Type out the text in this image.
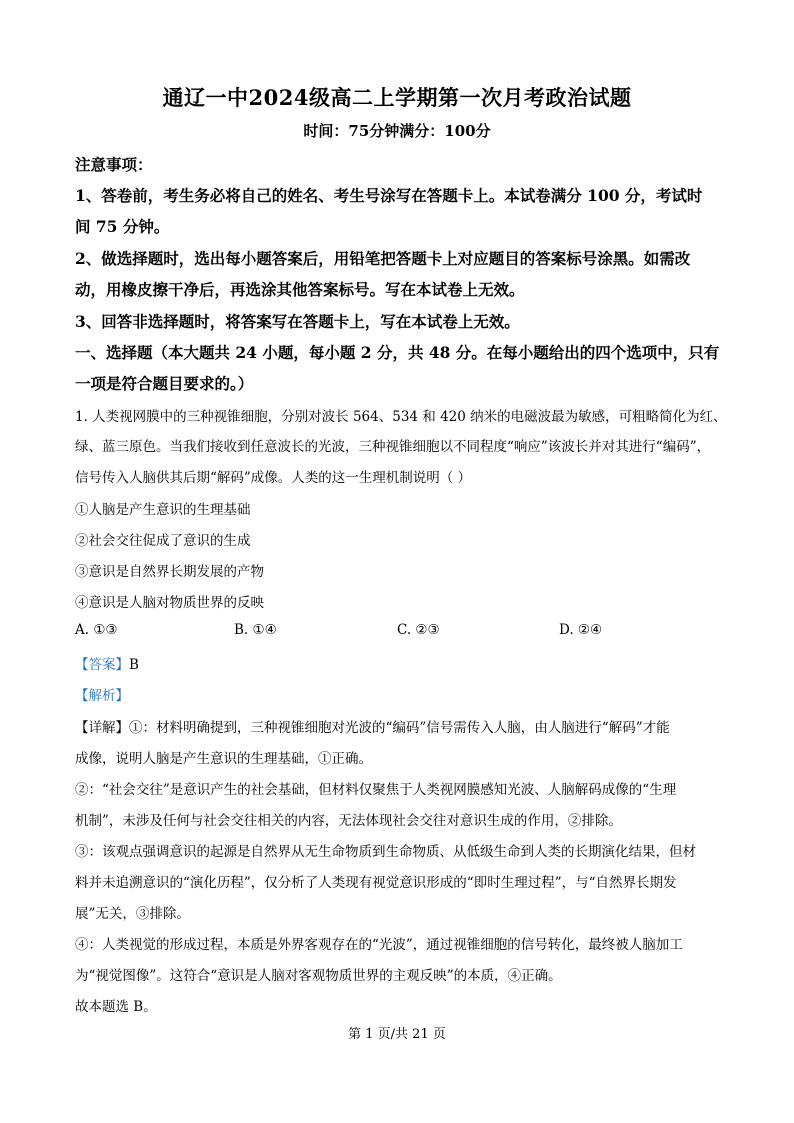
通辽一中2024级高二上学期第一次月考政治试题
时间：75分钟满分：100分
注意事项：
1、答卷前，考生务必将自己的姓名、考生号涂写在答题卡上。本试卷满分 100 分，考试时
间 75 分钟。
2、做选择题时，选出每小题答案后，用铅笔把答题卡上对应题目的答案标号涂黑。如需改
动，用橡皮擦干净后，再选涂其他答案标号。写在本试卷上无效。
3、回答非选择题时，将答案写在答题卡上，写在本试卷上无效。
一、选择题（本大题共 24 小题，每小题 2 分，共 48 分。在每小题给出的四个选项中，只有
一项是符合题目要求的。）
1. 人类视网膜中的三种视锥细胞，分别对波长 564、534 和 420 纳米的电磁波最为敏感，可粗略简化为红、
绿、蓝三原色。当我们接收到任意波长的光波，三种视锥细胞以不同程度“响应”该波长并对其进行“编码”，
信号传入人脑供其后期“解码”成像。人类的这一生理机制说明（ ）
①人脑是产生意识的生理基础
②社会交往促成了意识的生成
③意识是自然界长期发展的产物
④意识是人脑对物质世界的反映
A. ①③	B. ①④	C. ②③	D. ②④
【答案】B
【解析】
【详解】①：材料明确提到，三种视锥细胞对光波的“编码”信号需传入人脑，由人脑进行“解码”才能
成像，说明人脑是产生意识的生理基础，①正确。
②：“社会交往”是意识产生的社会基础，但材料仅聚焦于人类视网膜感知光波、人脑解码成像的“生理
机制”，未涉及任何与社会交往相关的内容，无法体现社会交往对意识生成的作用，②排除。
③：该观点强调意识的起源是自然界从无生命物质到生命物质、从低级生命到人类的长期演化结果，但材
料并未追溯意识的“演化历程”，仅分析了人类现有视觉意识形成的“即时生理过程”，与“自然界长期发
展”无关，③排除。
④：人类视觉的形成过程，本质是外界客观存在的“光波”，通过视锥细胞的信号转化，最终被人脑加工
为“视觉图像”。这符合“意识是人脑对客观物质世界的主观反映”的本质，④正确。
故本题选 B。
第 1 页/共 21 页
